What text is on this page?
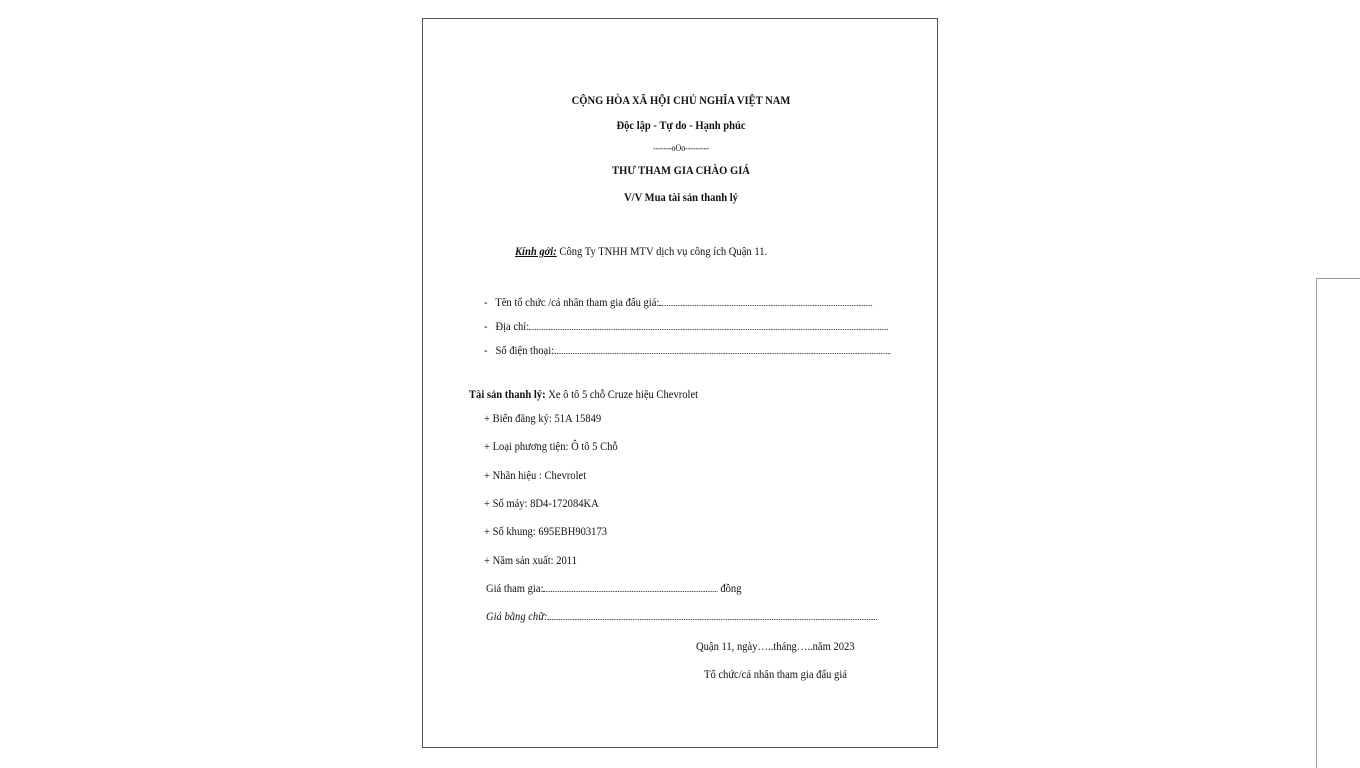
CỘNG HÒA XÃ HỘI CHỦ NGHĨA VIỆT NAM
Độc lập - Tự do - Hạnh phúc
-------oOo---------
THƯ THAM GIA CHÀO GIÁ
V/V Mua tài sản thanh lý
Kính gởi: Công Ty TNHH MTV dịch vụ công ích Quận 11.
- Tên tổ chức /cá nhân tham gia đấu giá:
- Địa chỉ:
- Số điện thoại:
Tài sản thanh lý: Xe ô tô 5 chỗ Cruze hiệu Chevrolet
+ Biển đăng ký: 51A 15849
+ Loại phương tiện: Ô tô 5 Chỗ
+ Nhãn hiệu : Chevrolet
+ Số máy: 8D4-172084KA
+ Số khung: 695EBH903173
+ Năm sản xuất: 2011
Giá tham gia:	đồng
Giá bằng chữ:
Quận 11, ngày…..tháng…..năm 2023
Tổ chức/cá nhân tham gia đấu giá
